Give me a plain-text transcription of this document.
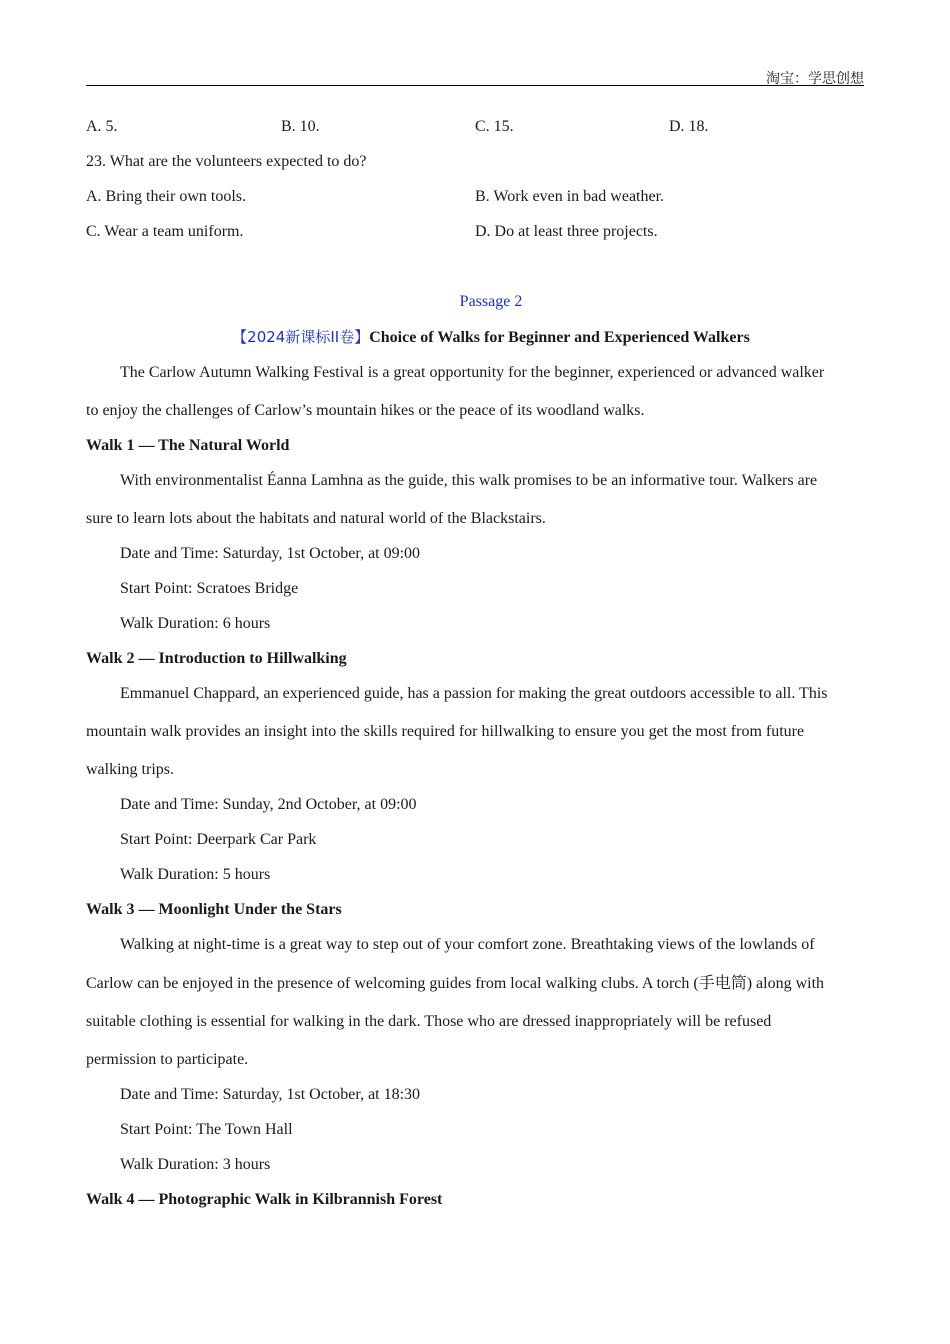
淘宝：学思创想
A. 5.	B. 10.	C. 15.	D. 18.
23. What are the volunteers expected to do?
A. Bring their own tools.	B. Work even in bad weather.
C. Wear a team uniform.	D. Do at least three projects.
Passage 2
【2024新课标ⅠⅠ卷】Choice of Walks for Beginner and Experienced Walkers
The Carlow Autumn Walking Festival is a great opportunity for the beginner, experienced or advanced walker
to enjoy the challenges of Carlow’s mountain hikes or the peace of its woodland walks.
Walk 1 — The Natural World
With environmentalist Éanna Lamhna as the guide, this walk promises to be an informative tour. Walkers are
sure to learn lots about the habitats and natural world of the Blackstairs.
Date and Time: Saturday, 1st October, at 09:00
Start Point: Scratoes Bridge
Walk Duration: 6 hours
Walk 2 — Introduction to Hillwalking
Emmanuel Chappard, an experienced guide, has a passion for making the great outdoors accessible to all. This
mountain walk provides an insight into the skills required for hillwalking to ensure you get the most from future
walking trips.
Date and Time: Sunday, 2nd October, at 09:00
Start Point: Deerpark Car Park
Walk Duration: 5 hours
Walk 3 — Moonlight Under the Stars
Walking at night-time is a great way to step out of your comfort zone. Breathtaking views of the lowlands of
Carlow can be enjoyed in the presence of welcoming guides from local walking clubs. A torch (手电筒) along with
suitable clothing is essential for walking in the dark. Those who are dressed inappropriately will be refused
permission to participate.
Date and Time: Saturday, 1st October, at 18:30
Start Point: The Town Hall
Walk Duration: 3 hours
Walk 4 — Photographic Walk in Kilbrannish Forest
